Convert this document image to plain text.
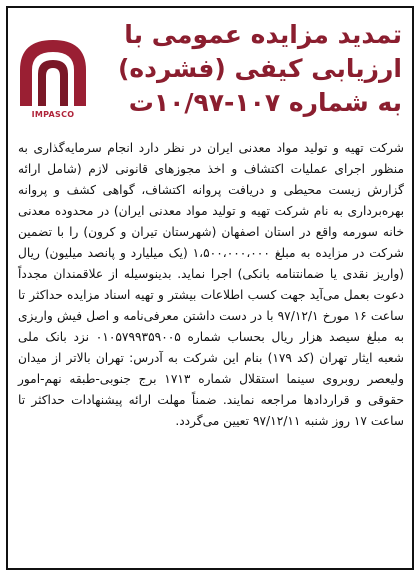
IMPASCO
تمدید مزایده عمومی با
ارزیابی کیفی (فشرده)
به شماره ۱۰۷-۱۰/۹۷ت

شرکت تهیه و تولید مواد معدنی ایران در نظر دارد انجام سرمایه‌گذاری به منظور اجرای عملیات اکتشاف و اخذ مجوزهای قانونی لازم (شامل ارائه گزارش زیست محیطی و دریافت پروانه اکتشاف، گواهی کشف و پروانه بهره‌برداری به نام شرکت تهیه و تولید مواد معدنی ایران) در محدوده معدنی خانه سورمه واقع در استان اصفهان (شهرستان تیران و کرون) را با تضمین شرکت در مزایده به مبلغ ۱،۵۰۰،۰۰۰،۰۰۰ (یک میلیارد و پانصد میلیون) ریال (واریز نقدی یا ضمانتنامه بانکی) اجرا نماید. بدینوسیله از علاقمندان مجدداً دعوت بعمل می‌آید جهت کسب اطلاعات بیشتر و تهیه اسناد مزایده حداکثر تا ساعت ۱۶ مورخ ۹۷/۱۲/۱ با در دست داشتن معرفی‌نامه و اصل فیش واریزی به مبلغ سیصد هزار ریال بحساب شماره ۰۱۰۵۷۹۹۳۵۹۰۰۵ نزد بانک ملی شعبه ایثار تهران (کد ۱۷۹) بنام این شرکت به آدرس: تهران بالاتر از میدان ولیعصر روبروی سینما استقلال شماره ۱۷۱۳ برج جنوبی-طبقه نهم-امور حقوقی و قراردادها مراجعه نمایند. ضمناً مهلت ارائه پیشنهادات حداکثر تا ساعت ۱۷ روز شنبه ۹۷/۱۲/۱۱ تعیین می‌گردد.
